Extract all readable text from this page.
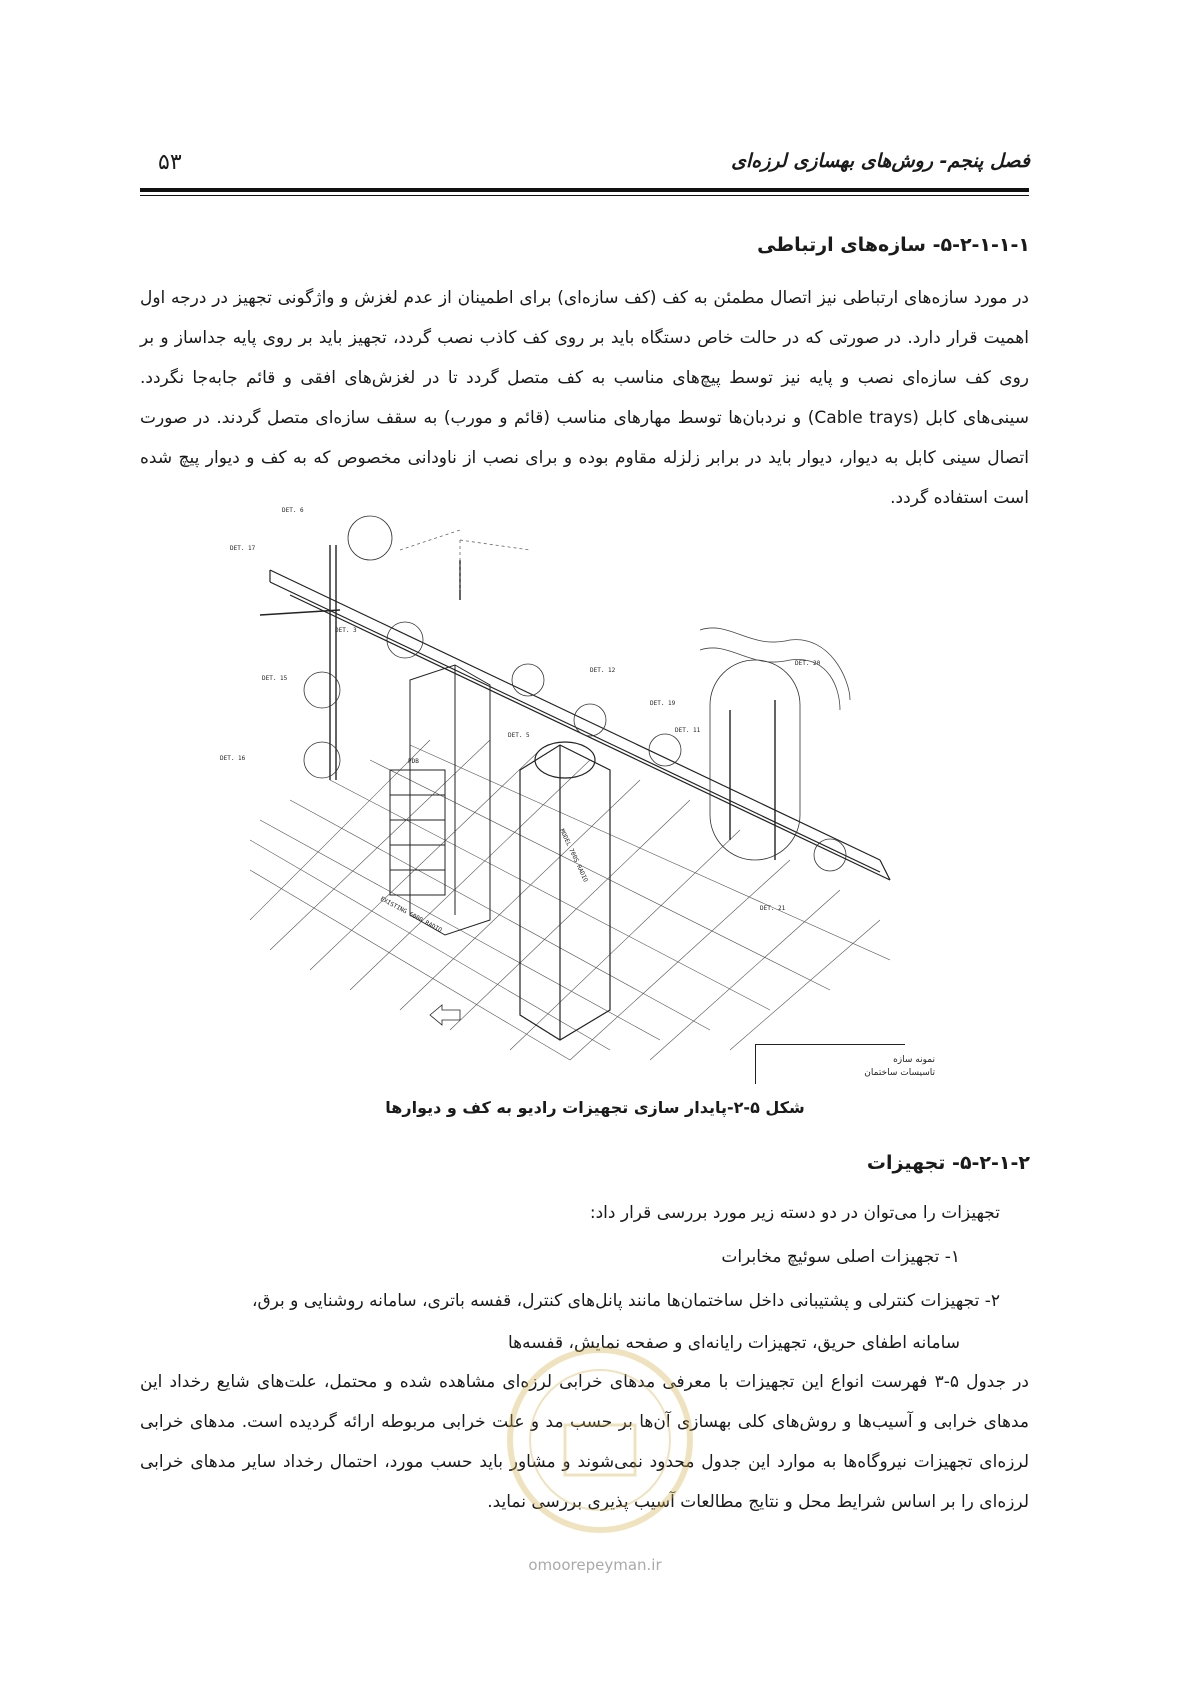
۵۳	فصل پنجم- روش‌های بهسازی لرزه‌ای
۵-۲-۱-۱-۱- سازه‌های ارتباطی
در مورد سازه‌های ارتباطی نیز اتصال مطمئن به کف (کف سازه‌ای) برای اطمینان از عدم لغزش و واژگونی تجهیز در درجه اول اهمیت قرار دارد. در صورتی که در حالت خاص دستگاه باید بر روی کف کاذب نصب گردد، تجهیز باید بر روی پایه جداساز و بر روی کف سازه‌ای نصب و پایه نیز توسط پیچ‌های مناسب به کف متصل گردد تا در لغزش‌های افقی و قائم جابه‌جا نگردد. سینی‌های کابل (Cable trays) و نردبان‌ها توسط مهارهای مناسب (قائم و مورب) به سقف سازه‌ای متصل گردند. در صورت اتصال سینی کابل به دیوار، دیوار باید در برابر زلزله مقاوم بوده و برای نصب از ناودانی مخصوص که به کف و دیوار پیچ شده است استفاده گردد.
DET. 6
DET. 17
DET. 3
DET. 15
DET. 16
DET. 12
DET. 19
DET. 5
DET. 11
DET. 20
DET. 21
PDB
MODEL 700S RADIO
EXISTING 6000 RADIO
نمونه سازه
تاسیسات ساختمان
شکل ۵-۲-پایدار سازی تجهیزات رادیو به کف و دیوارها
۵-۲-۱-۲- تجهیزات
تجهیزات را می‌توان در دو دسته زیر مورد بررسی قرار داد:
۱- تجهیزات اصلی سوئیچ مخابرات
۲- تجهیزات کنترلی و پشتیبانی داخل ساختمان‌ها مانند پانل‌های کنترل، قفسه باتری، سامانه روشنایی و برق،
سامانه اطفای حریق، تجهیزات رایانه‌ای و صفحه نمایش، قفسه‌ها
در جدول ۵-۳ فهرست انواع این تجهیزات با معرفی مدهای خرابی لرزه‌ای مشاهده شده و محتمل، علت‌های شایع رخداد این مدهای خرابی و آسیب‌ها و روش‌های کلی بهسازی آن‌ها بر حسب مد و علت خرابی مربوطه ارائه گردیده است. مدهای خرابی لرزه‌ای تجهیزات نیروگاه‌ها به موارد این جدول محدود نمی‌شوند و مشاور باید حسب مورد، احتمال رخداد سایر مدهای خرابی لرزه‌ای را بر اساس شرایط محل و نتایج مطالعات آسیب پذیری بررسی نماید.
omoorepeyman.ir
